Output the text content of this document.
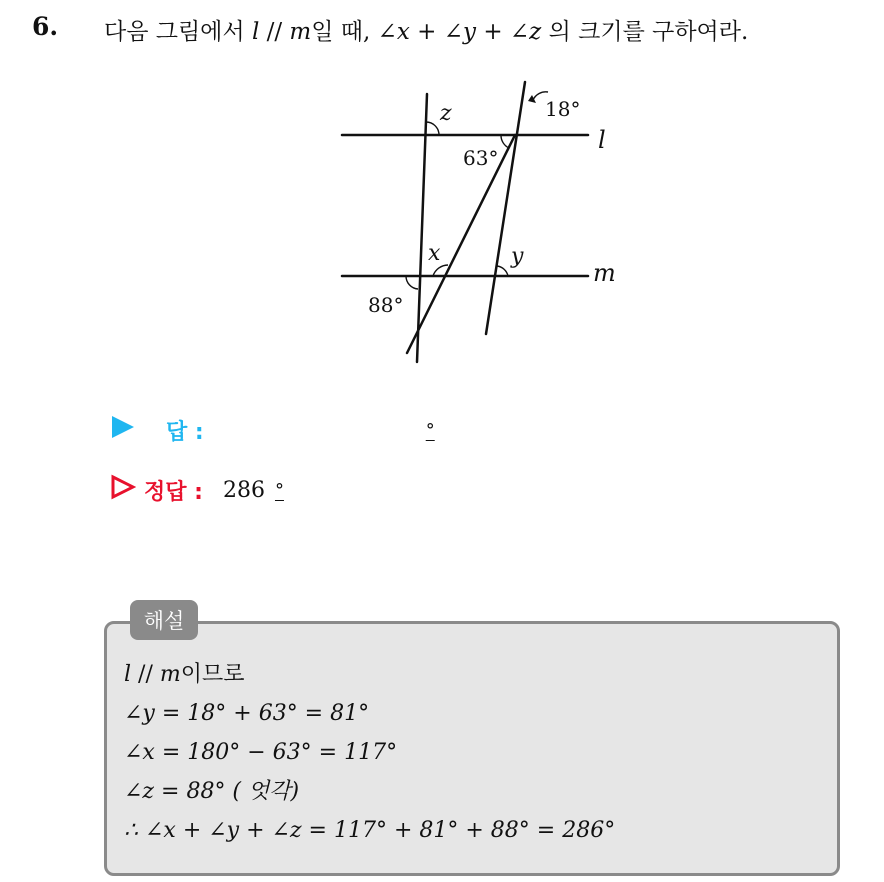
6. 다음 그림에서 l // m일 때, ∠x + ∠y + ∠z 의 크기를 구하여라.
z	18°
l
63°
x	y
m
88°
답 :	°
정답 : 286 °
해설
l // m이므로
∠y = 18° + 63° = 81°
∠x = 180° − 63° = 117°
∠z = 88° ( 엇각)
∴ ∠x + ∠y + ∠z = 117° + 81° + 88° = 286°
